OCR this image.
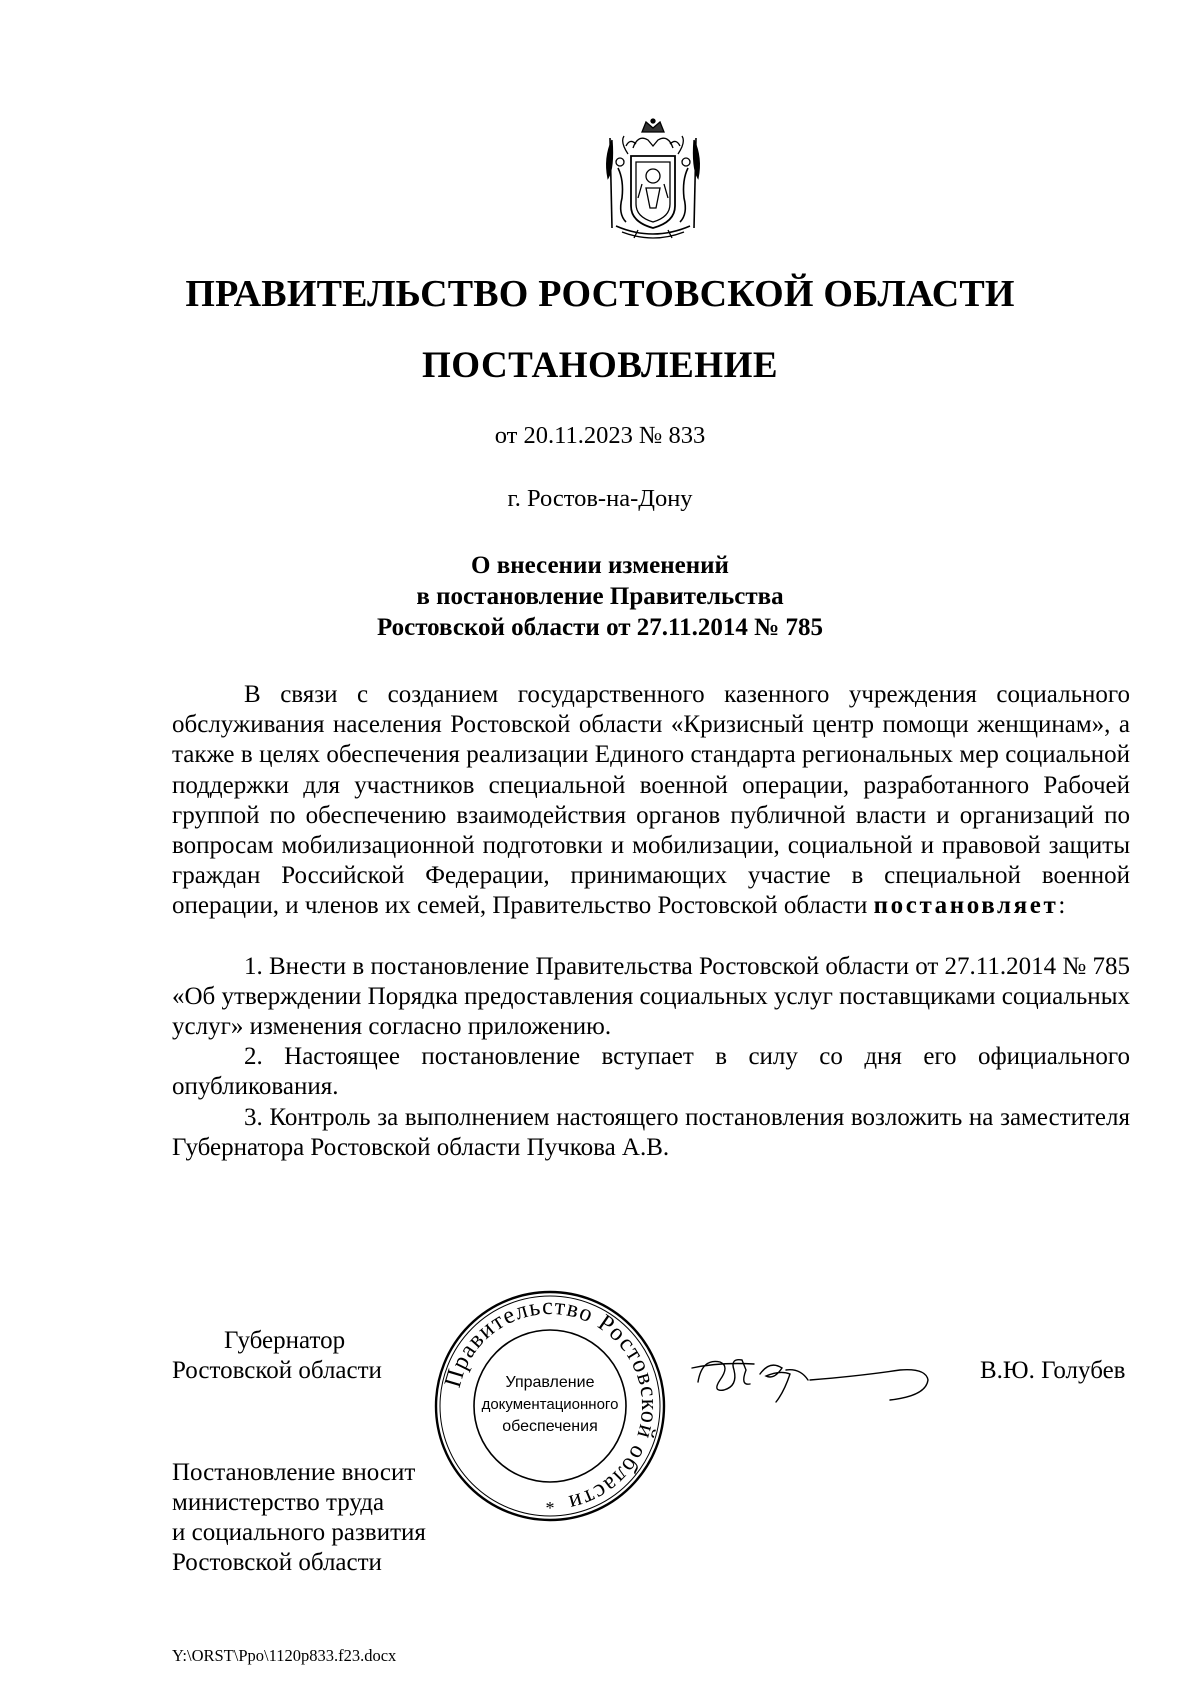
ПРАВИТЕЛЬСТВО РОСТОВСКОЙ ОБЛАСТИ
ПОСТАНОВЛЕНИЕ
от 20.11.2023 № 833
г. Ростов-на-Дону
О внесении изменений
в постановление Правительства
Ростовской области от 27.11.2014 № 785

В связи с созданием государственного казенного учреждения социального обслуживания населения Ростовской области «Кризисный центр помощи женщинам», а также в целях обеспечения реализации Единого стандарта региональных мер социальной поддержки для участников специальной военной операции, разработанного Рабочей группой по обеспечению взаимодействия органов публичной власти и организаций по вопросам мобилизационной подготовки и мобилизации, социальной и правовой защиты граждан Российской Федерации, принимающих участие в специальной военной операции, и членов их семей, Правительство Ростовской области постановляет:

1. Внести в постановление Правительства Ростовской области от 27.11.2014 № 785 «Об утверждении Порядка предоставления социальных услуг поставщиками социальных услуг» изменения согласно приложению.

2. Настоящее постановление вступает в силу со дня его официального опубликования.

3. Контроль за выполнением настоящего постановления возложить на заместителя Губернатора Ростовской области Пучкова А.В.

Губернатор
Ростовской области	В.Ю. Голубев
Правительство Ростовской области
Управление
документационного
обеспечения
*
Постановление вносит
министерство труда
и социального развития
Ростовской области
Y:\ORST\Ppo\1120p833.f23.docx
